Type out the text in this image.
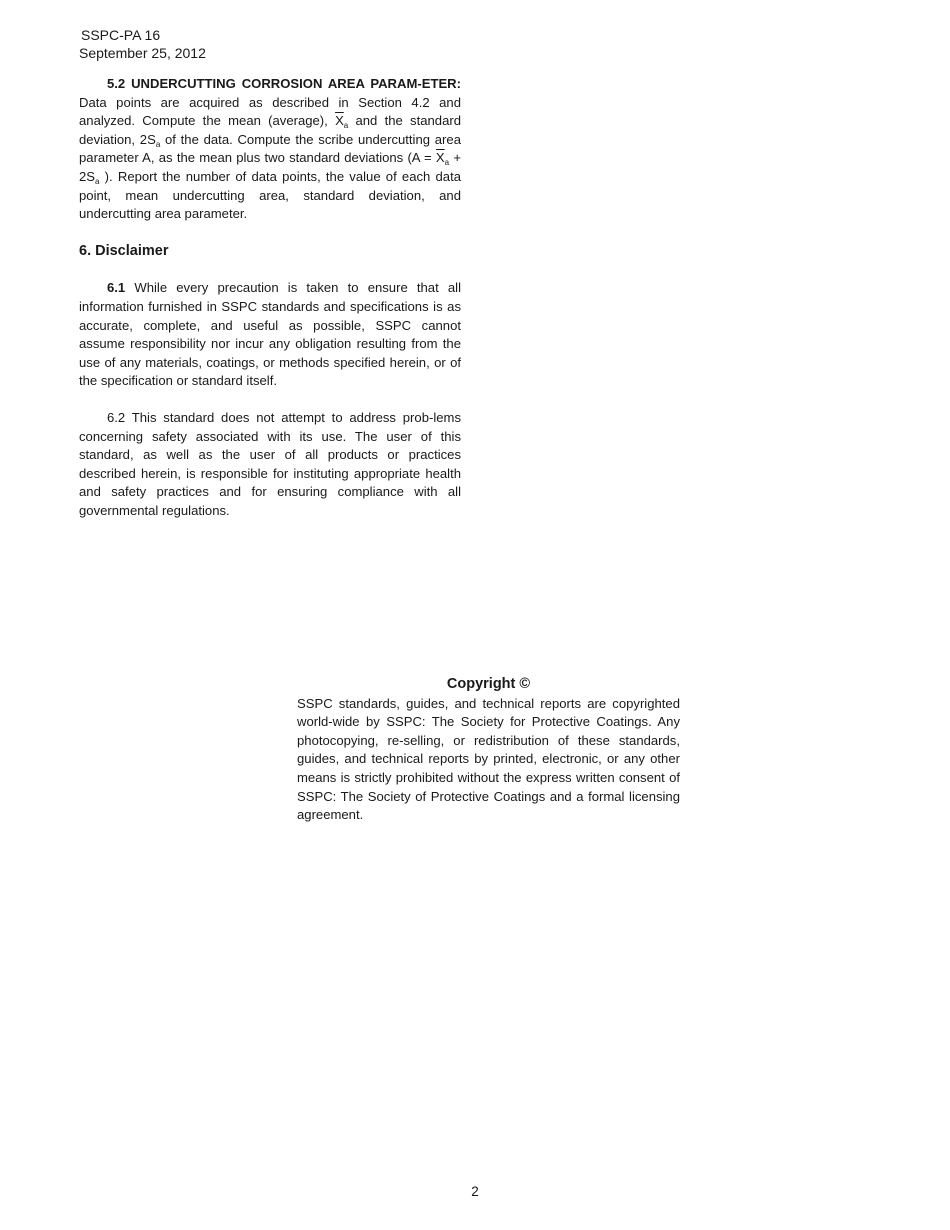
SSPC-PA 16
September 25, 2012

5.2 UNDERCUTTING CORROSION AREA PARAM-ETER: Data points are acquired as described in Section 4.2 and analyzed. Compute the mean (average), $\overline{X}_a$ and the standard deviation, $2S_a$ of the data. Compute the scribe undercutting area parameter A, as the mean plus two standard deviations ($A = \overline{X}_a + 2S_a$ ). Report the number of data points, the value of each data point, mean undercutting area, standard deviation, and undercutting area parameter.

6. Disclaimer

6.1 While every precaution is taken to ensure that all information furnished in SSPC standards and specifications is as accurate, complete, and useful as possible, SSPC cannot assume responsibility nor incur any obligation resulting from the use of any materials, coatings, or methods specified herein, or of the specification or standard itself.

6.2 This standard does not attempt to address prob-lems concerning safety associated with its use. The user of this standard, as well as the user of all products or practices described herein, is responsible for instituting appropriate health and safety practices and for ensuring compliance with all governmental regulations.

Copyright ©
SSPC standards, guides, and technical reports are copyrighted world-wide by SSPC: The Society for Protective Coatings. Any photocopying, re-selling, or redistribution of these standards, guides, and technical reports by printed, electronic, or any other means is strictly prohibited without the express written consent of SSPC: The Society of Protective Coatings and a formal licensing agreement.
2
